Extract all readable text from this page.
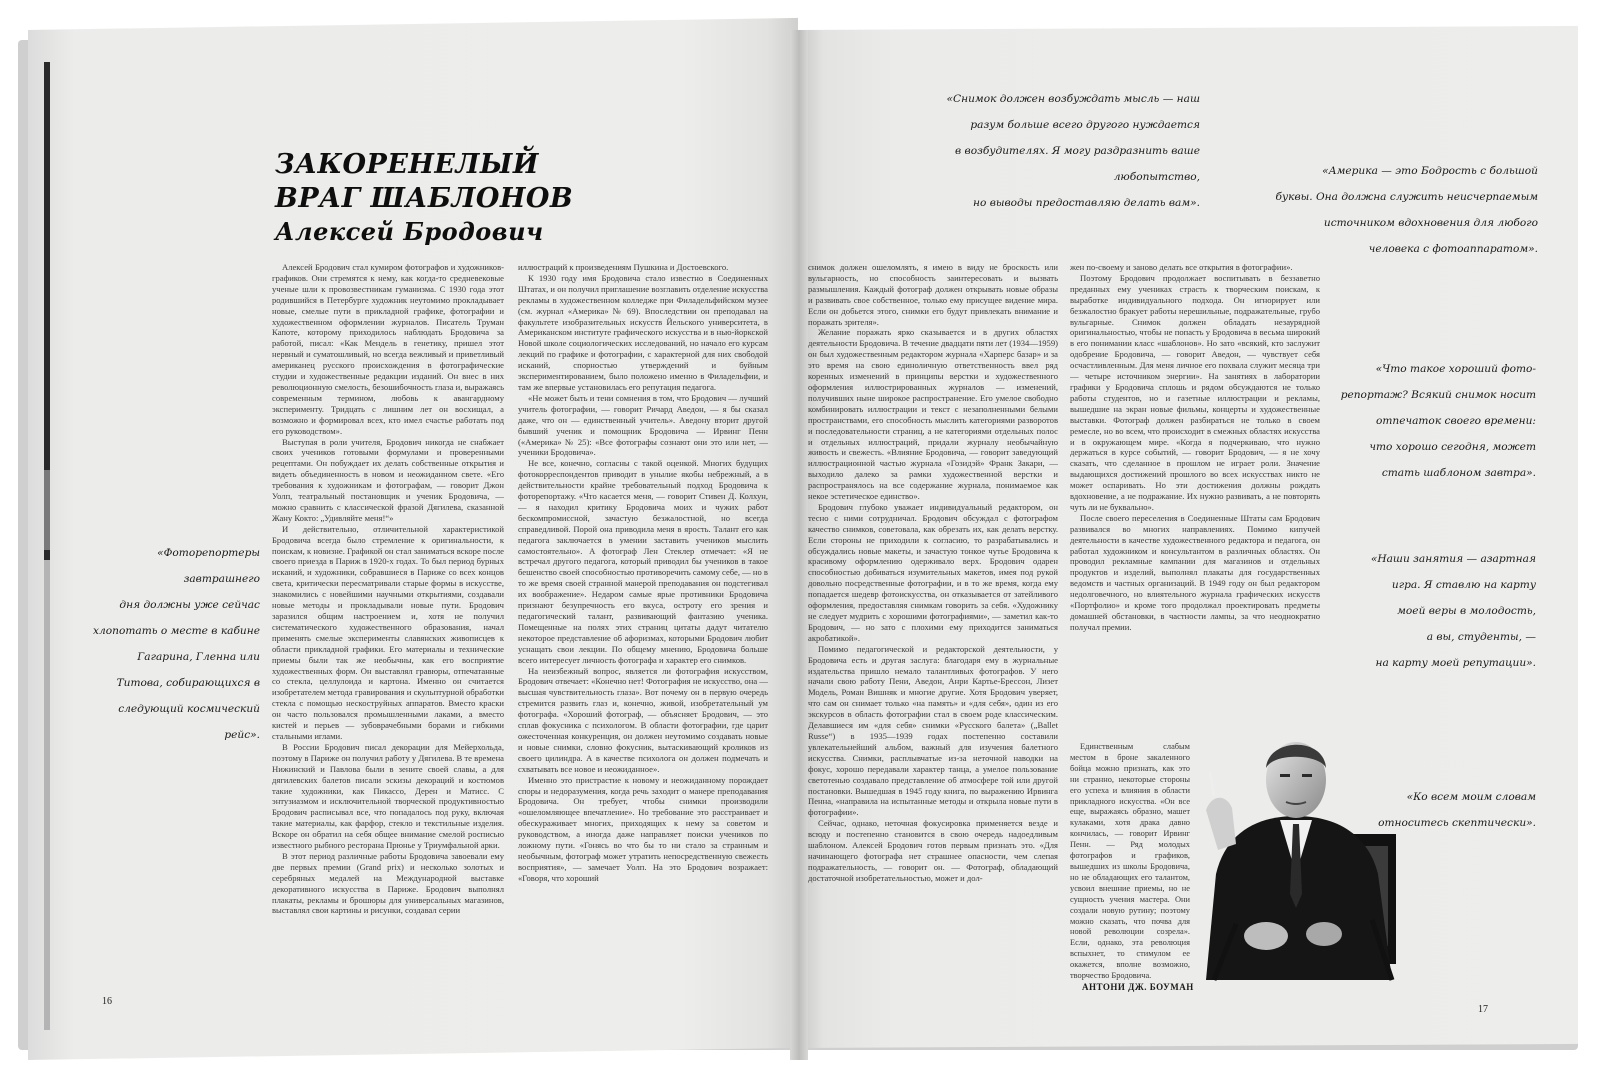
ЗАКОРЕНЕЛЫЙ
ВРАГ ШАБЛОНОВ
Алексей Бродович

Алексей Бродович стал кумиром фотографов и художников-графиков. Они стремятся к нему, как когда-то средневековые ученые шли к провозвестникам гуманизма. С 1930 года этот родившийся в Петербурге художник неутомимо прокладывает новые, смелые пути в прикладной графике, фотографии и художественном оформлении журналов. Писатель Труман Капоте, которому приходилось наблюдать Бродовича за работой, писал: «Как Мендель в генетику, пришел этот нервный и суматошливый, но всегда вежливый и приветливый американец русского происхождения в фотографические студии и художественные редакции изданий. Он внес в них революционную смелость, безошибочность глаза и, выражаясь современным термином, любовь к авангардному эксперименту. Тридцать с лишним лет он восхищал, а возможно и формировал всех, кто имел счастье работать под его руководством».

Выступая в роли учителя, Бродович никогда не снабжает своих учеников готовыми формулами и проверенными рецептами. Он побуждает их делать собственные открытия и видеть объединенность в новом и неожиданном свете. «Его требования к художникам и фотографам, — говорит Джон Уолп, театральный постановщик и ученик Бродовича, — можно сравнить с классической фразой Дягилева, сказанной Жану Кокто: „Удивляйте меня!“»

И действительно, отличительной характеристикой Бродовича всегда было стремление к оригинальности, к поискам, к новизне. Графикой он стал заниматься вскоре после своего приезда в Париж в 1920-х годах. То был период бурных исканий, и художники, собравшиеся в Париже со всех концов света, критически пересматривали старые формы в искусстве, знакомились с новейшими научными открытиями, создавали новые методы и прокладывали новые пути. Бродович заразился общим настроением и, хотя не получил систематического художественного образования, начал применять смелые эксперименты славянских живописцев к области прикладной графики. Его материалы и технические приемы были так же необычны, как его восприятие художественных форм. Он выставлял гравюры, отпечатанные со стекла, целлулоида и картона. Именно он считается изобретателем метода гравирования и скульптурной обработки стекла с помощью нескоструйных аппаратов. Вместо краски он часто пользовался промышленными лаками, а вместо кистей и перьев — зубоврачебными борами и гибкими стальными иглами.

В России Бродович писал декорации для Мейерхольда, поэтому в Париже он получил работу у Дягилева. В те времена Нижинский и Павлова были в зените своей славы, а для дягилевских балетов писали эскизы декораций и костюмов такие художники, как Пикассо, Дерен и Матисс. С энтузиазмом и исключительной творческой продуктивностью Бродович расписывал все, что попадалось под руку, включая такие материалы, как фарфор, стекло и текстильные изделия. Вскоре он обратил на себя общее внимание смелой росписью известного рыбного ресторана Прюнье у Триумфальной арки.

В этот период различные работы Бродовича завоевали ему две первых премии (Grand prix) и несколько золотых и серебряных медалей на Международной выставке декоративного искусства в Париже. Бродович выполнял плакаты, рекламы и брошюры для универсальных магазинов, выставлял свои картины и рисунки, создавал серии

иллюстраций к произведениям Пушкина и Достоевского.

К 1930 году имя Бродовича стало известно в Соединенных Штатах, и он получил приглашение возглавить отделение искусства рекламы в художественном колледже при Филадельфийском музее (см. журнал «Америка» № 69). Впоследствии он преподавал на факультете изобразительных искусств Йельского университета, в Американском институте графического искусства и в нью-йоркской Новой школе социологических исследований, но начало его курсам лекций по графике и фотографии, с характерной для них свободой исканий, спорностью утверждений и буйным экспериментированием, было положено именно в Филадельфии, и там же впервые установилась его репутация педагога.

«Не может быть и тени сомнения в том, что Бродович — лучший учитель фотографии, — говорит Ричард Аведон, — я бы сказал даже, что он — единственный учитель». Аведону вторит другой бывший ученик и помощник Бродовича — Ирвинг Пенн («Америка» № 25): «Все фотографы сознают они это или нет, — ученики Бродовича».

Не все, конечно, согласны с такой оценкой. Многих будущих фотокорреспондентов приводит в унылие якобы небрежный, а в действительности крайне требовательный подход Бродовича к фоторепортажу. «Что касается меня, — говорит Стивен Д. Колхун, — я находил критику Бродовича моих и чужих работ бескомпромиссной, зачастую безжалостной, но всегда справедливой. Порой она приводила меня в ярость. Талант его как педагога заключается в умении заставить учеников мыслить самостоятельно». А фотограф Лен Стеклер отмечает: «Я не встречал другого педагога, который приводил бы учеников в такое бешенство своей способностью противоречить самому себе, — но в то же время своей странной манерой преподавания он подстегивал их воображение». Недаром самые ярые противники Бродовича признают безупречность его вкуса, остроту его зрения и педагогический талант, развивающий фантазию ученика. Помещенные на полях этих страниц цитаты дадут читателю некоторое представление об афоризмах, которыми Бродович любит уснащать свои лекции. По общему мнению, Бродовича больше всего интересует личность фотографа и характер его снимков.

На неизбежный вопрос, является ли фотография искусством, Бродович отвечает: «Конечно нет! Фотография не искусство, она — высшая чувствительность глаза». Вот почему он в первую очередь стремится развить глаз и, конечно, живой, изобретательный ум фотографа. «Хороший фотограф, — объясняет Бродович, — это сплав фокусника с психологом. В области фотографии, где царит ожесточенная конкуренция, он должен неутомимо создавать новые и новые снимки, словно фокусник, вытаскивающий кроликов из своего цилиндра. А в качестве психолога он должен подмечать и схватывать все новое и неожиданное».

Именно это пристрастие к новому и неожиданному порождает споры и недоразумения, когда речь заходит о манере преподавания Бродовича. Он требует, чтобы снимки производили «ошеломляющее впечатление». Но требование это расстраивает и обескураживает многих, приходящих к нему за советом и руководством, а иногда даже направляет поиски учеников по ложному пути. «Гонясь во что бы то ни стало за странным и необычным, фотограф может утратить непосредственную свежесть восприятия», — замечает Уолп. На это Бродович возражает: «Говоря, что хороший

снимок должен ошеломлять, я имею в виду не броскость или вульгарность, но способность заинтересовать и вызвать размышления. Каждый фотограф должен открывать новые образы и развивать свое собственное, только ему присущее видение мира. Если он добьется этого, снимки его будут привлекать внимание и поражать зрителя».

Желание поражать ярко сказывается и в других областях деятельности Бродовича. В течение двадцати пяти лет (1934—1959) он был художественным редактором журнала «Харперс базар» и за это время на свою единоличную ответственность ввел ряд коренных изменений в принципы верстки и художественного оформления иллюстрированных журналов — изменений, получивших ныне широкое распространение. Его умелое свободно комбинировать иллюстрации и текст с незаполненными белыми пространствами, его способность мыслить категориями разворотов и последовательности страниц, а не категориями отдельных полос и отдельных иллюстраций, придали журналу необычайную живость и свежесть. «Влияние Бродовича, — говорит заведующий иллюстрационной частью журнала «Гозидэй» Франк Закари, — выходило далеко за рамки художественной верстки и распространялось на все содержание журнала, понимаемое как некое эстетическое единство».

Бродович глубоко уважает индивидуальный редактором, он тесно с ними сотрудничал. Бродович обсуждал с фотографом качество снимков, советовала, как обрезать их, как делать верстку. Если стороны не приходили к согласию, то разрабатывались и обсуждались новые макеты, и зачастую тонкое чутье Бродовича к красивому оформлению одерживало верх. Бродович одарен способностью добиваться изумительных макетов, имея под рукой довольно посредственные фотографии, и в то же время, когда ему попадается шедевр фотоискусства, он отказывается от затейливого оформления, предоставляя снимкам говорить за себя. «Художнику не следует мудрить с хорошими фотографиями», — заметил как-то Бродович, — но зато с плохими ему приходится заниматься акробатикой».

Помимо педагогической и редакторской деятельности, у Бродовича есть и другая заслуга: благодаря ему в журнальные издательства пришло немало талантливых фотографов. У него начали свою работу Пени, Аведон, Анри Картье-Брессон, Лизет Модель, Роман Вишняк и многие другие. Хотя Бродович уверяет, что сам он снимает только «на память» и «для себя», один из его экскурсов в область фотографии стал в своем роде классическим. Делавшиеся им «для себя» снимки «Русского балета» („Ballet Russe“) в 1935—1939 годах постепенно составили увлекательнейший альбом, важный для изучения балетного искусства. Снимки, расплывчатые из-за неточной наводки на фокус, хорошо передавали характер танца, а умелое пользование светотенью создавало представление об атмосфере той или другой постановки. Вышедшая в 1945 году книга, по выражению Ирвинга Пенна, «направила на испытанные методы и открыла новые пути в фотографии».

Сейчас, однако, неточная фокусировка применяется везде и всюду и постепенно становится в свою очередь надоедливым шаблоном. Алексей Бродович готов первым признать это. «Для начинающего фотографа нет страшнее опасности, чем слепая подражательность, — говорит он. — Фотограф, обладающий достаточной изобретательностью, может и дол-

жен по-своему и заново делать все открытия в фотографии».

Поэтому Бродович продолжает воспитывать в беззаветно преданных ему учениках страсть к творческим поискам, к выработке индивидуального подхода. Он игнорирует или безжалостно бракует работы нерешильные, подражательные, грубо вульгарные. Снимок должен обладать незаурядной оригинальностью, чтобы не попасть у Бродовича в весьма широкий в его понимании класс «шаблонов». Но зато «всякий, кто заслужит одобрение Бродовича, — говорит Аведон, — чувствует себя осчастливленным. Для меня личное его похвала служит месяца три — четыре источником энергии». На занятиях в лаборатории графики у Бродовича сплошь и рядом обсуждаются не только работы студентов, но и газетные иллюстрации и рекламы, вышедшие на экран новые фильмы, концерты и художественные выставки. Фотограф должен разбираться не только в своем ремесле, но во всем, что происходит в смежных областях искусства и в окружающем мире. «Когда я подчеркиваю, что нужно держаться в курсе событий, — говорит Бродович, — я не хочу сказать, что сделанное в прошлом не играет роли. Значение выдающихся достижений прошлого во всех искусствах никто не может оспаривать. Но эти достижения должны рождать вдохновение, а не подражание. Их нужно развивать, а не повторять чуть ли не буквально».

После своего переселения в Соединенные Штаты сам Бродович развивался во многих направлениях. Помимо кипучей деятельности в качестве художественного редактора и педагога, он работал художником и консультантом в различных областях. Он проводил рекламные кампании для магазинов и отдельных продуктов и изделий, выполнял плакаты для государственных ведомств и частных организаций. В 1949 году он был редактором недолговечного, но влиятельного журнала графических искусств «Портфолио» и кроме того продолжал проектировать предметы домашней обстановки, в частности лампы, за что неоднократно получал премии.

Единственным слабым местом в броне закаленного бойца можно признать, как это ни странно, некоторые стороны его успеха и влияния в области прикладного искусства. «Он все еще, выражаясь образно, машет кулаками, хотя драка давно кончилась, — говорит Ирвинг Пенн. — Ряд молодых фотографов и графиков, вышедших из школы Бродовича, но не обладающих его талантом, усвоил внешние приемы, но не сущность учения мастера. Они создали новую рутину; поэтому можно сказать, что почва для новой революции созрела». Если, однако, эта революция вспыхнет, то стимулом ее окажется, вполне возможно, творчество Бродовича.

АНТОНИ ДЖ. БОУМАН
«Фоторепортеры завтрашнего
дня должны уже сейчас
хлопотать о месте в кабине
Гагарина, Гленна или
Титова, собирающихся в
следующий космический рейс».
«Снимок должен возбуждать мысль — наш
разум больше всего другого нуждается
в возбудителях. Я могу раздразнить ваше любопытство,
но выводы предоставляю делать вам».
«Америка — это Бодрость с большой
буквы. Она должна служить неисчерпаемым
источником вдохновения для любого
человека с фотоаппаратом».
«Что такое хороший фото-
репортаж? Всякий снимок носит
отпечаток своего времени:
что хорошо сегодня, может
стать шаблоном завтра».
«Наши занятия — азартная
игра. Я ставлю на карту
моей веры в молодость,
а вы, студенты, —
на карту моей репутации».
«Ко всем моим словам
относитесь скептически».
16
17
